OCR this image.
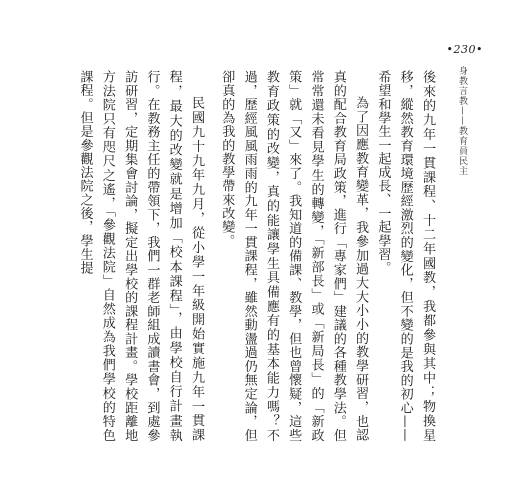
•230•
身教言教——教育員民主

後來的九年一貫課程、十二年國教，我都參與其中；物換星移，縱然教育環境歷經激烈的變化，但不變的是我的初心——希望和學生一起成長、一起學習。

為了因應教育變革，我參加過大大小小的教學研習，也認真的配合教育局政策，進行「專家們」建議的各種教學法。但常常還未看見學生的轉變，「新部長」或「新局長」的「新政策」就「又」來了。我知道的備課、教學，但也曾懷疑，這些教育政策的改變，真的能讓學生具備應有的基本能力嗎？不過，歷經風風雨雨的九年一貫課程，雖然動盪過仍無定論，但卻真的為我的教學帶來改變。

民國九十九年九月，從小學一年級開始實施九年一貫課程，最大的改變就是增加「校本課程」，由學校自行計畫執行。在教務主任的帶領下，我們一群老師組成讀書會，到處參訪研習，定期集會討論，擬定出學校的課程計畫。學校距離地方法院只有咫尺之遙，「參觀法院」自然成為我們學校的特色課程。但是參觀法院之後，學生提
